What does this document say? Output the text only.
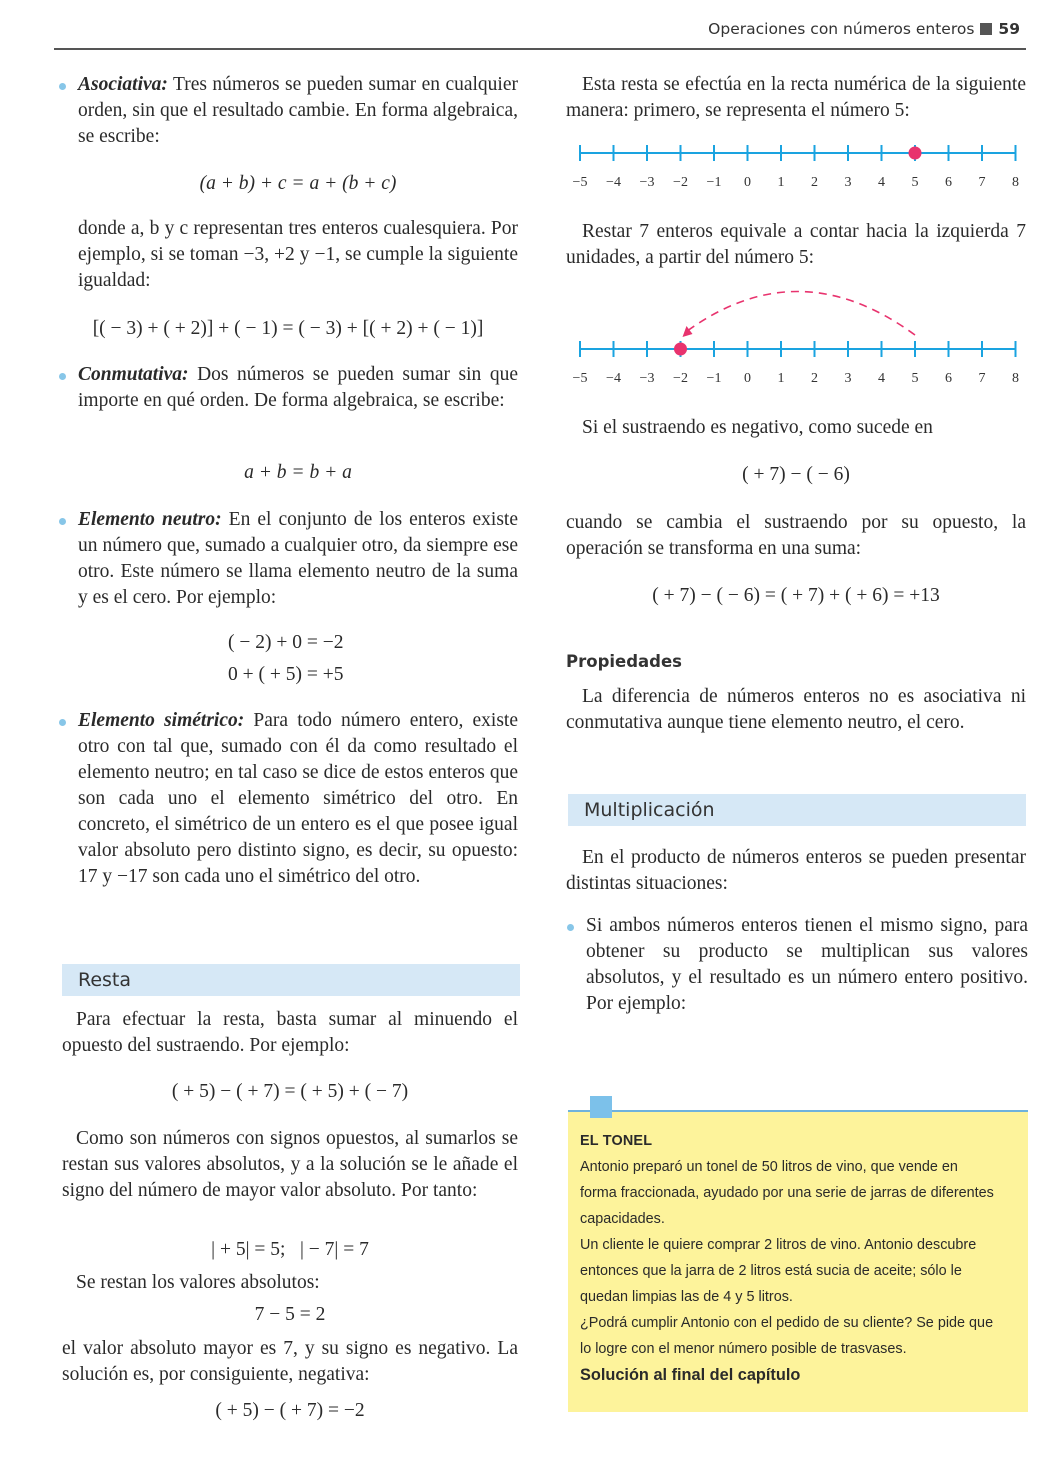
Operaciones con números enteros 59

Asociativa: Tres números se pueden sumar en cualquier orden, sin que el resultado cambie. En forma algebraica, se escribe:

(a + b) + c = a + (b + c)
donde a, b y c representan tres enteros cualesquiera. Por ejemplo, si se toman −3, +2 y −1, se cumple la siguiente igualdad:
[( − 3) + ( + 2)] + ( − 1) = ( − 3) + [( + 2) + ( − 1)]

Conmutativa: Dos números se pueden sumar sin que importe en qué orden. De forma algebraica, se escribe:

a + b = b + a

Elemento neutro: En el conjunto de los enteros existe un número que, sumado a cualquier otro, da siempre ese otro. Este número se llama elemento neutro de la suma y es el cero. Por ejemplo:

( − 2) + 0 = −2
0 + ( + 5) = +5

Elemento simétrico: Para todo número entero, existe otro con tal que, sumado con él da como resultado el elemento neutro; en tal caso se dice de estos enteros que son cada uno el elemento simétrico del otro. En concreto, el simétrico de un entero es el que posee igual valor absoluto pero distinto signo, es decir, su opuesto: 17 y −17 son cada uno el simétrico del otro.

Resta
Para efectuar la resta, basta sumar al minuendo el opuesto del sustraendo. Por ejemplo:
( + 5) − ( + 7) = ( + 5) + ( − 7)
Como son números con signos opuestos, al sumarlos se restan sus valores absolutos, y a la solución se le añade el signo del número de mayor valor absoluto. Por tanto:
| + 5| = 5;   | − 7| = 7
Se restan los valores absolutos:
7 − 5 = 2
el valor absoluto mayor es 7, y su signo es negativo. La solución es, por consiguiente, negativa:
( + 5) − ( + 7) = −2
Esta resta se efectúa en la recta numérica de la siguiente manera: primero, se representa el número 5:
−5 −4 −3 −2 −1 0 1 2 3 4 5 6 7 8
Restar 7 enteros equivale a contar hacia la izquierda 7 unidades, a partir del número 5:
−5 −4 −3 −2 −1 0 1 2 3 4 5 6 7 8
Si el sustraendo es negativo, como sucede en
( + 7) − ( − 6)
cuando se cambia el sustraendo por su opuesto, la operación se transforma en una suma:
( + 7) − ( − 6) = ( + 7) + ( + 6) = +13
Propiedades
La diferencia de números enteros no es asociativa ni conmutativa aunque tiene elemento neutro, el cero.
Multiplicación
En el producto de números enteros se pueden presentar distintas situaciones:

Si ambos números enteros tienen el mismo signo, para obtener su producto se multiplican sus valores absolutos, y el resultado es un número entero positivo. Por ejemplo:

EL TONEL

Antonio preparó un tonel de 50 litros de vino, que vende en forma fraccionada, ayudado por una serie de jarras de diferentes capacidades.

Un cliente le quiere comprar 2 litros de vino. Antonio descubre entonces que la jarra de 2 litros está sucia de aceite; sólo le quedan limpias las de 4 y 5 litros.

¿Podrá cumplir Antonio con el pedido de su cliente? Se pide que lo logre con el menor número posible de trasvases.

Solución al final del capítulo
